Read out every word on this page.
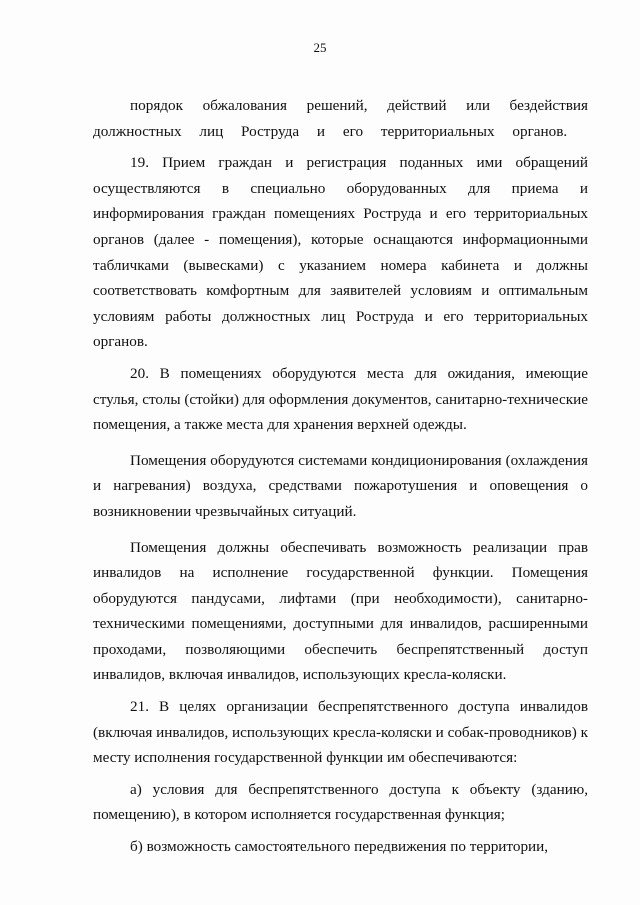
25

порядок обжалования решений, действий или бездействия должностных лиц Роструда и его территориальных органов.

19. Прием граждан и регистрация поданных ими обращений осуществляются в специально оборудованных для приема и информирования граждан помещениях Роструда и его территориальных органов (далее - помещения), которые оснащаются информационными табличками (вывесками) с указанием номера кабинета и должны соответствовать комфортным для заявителей условиям и оптимальным условиям работы должностных лиц Роструда и его территориальных органов.

20. В помещениях оборудуются места для ожидания, имеющие стулья, столы (стойки) для оформления документов, санитарно-технические помещения, а также места для хранения верхней одежды.

Помещения оборудуются системами кондиционирования (охлаждения и нагревания) воздуха, средствами пожаротушения и оповещения о возникновении чрезвычайных ситуаций.

Помещения должны обеспечивать возможность реализации прав инвалидов на исполнение государственной функции. Помещения оборудуются пандусами, лифтами (при необходимости), санитарно-техническими помещениями, доступными для инвалидов, расширенными проходами, позволяющими обеспечить беспрепятственный доступ инвалидов, включая инвалидов, использующих кресла-коляски.

21. В целях организации беспрепятственного доступа инвалидов (включая инвалидов, использующих кресла-коляски и собак-проводников) к месту исполнения государственной функции им обеспечиваются:

а) условия для беспрепятственного доступа к объекту (зданию, помещению), в котором исполняется государственная функция;

б) возможность самостоятельного передвижения по территории,
